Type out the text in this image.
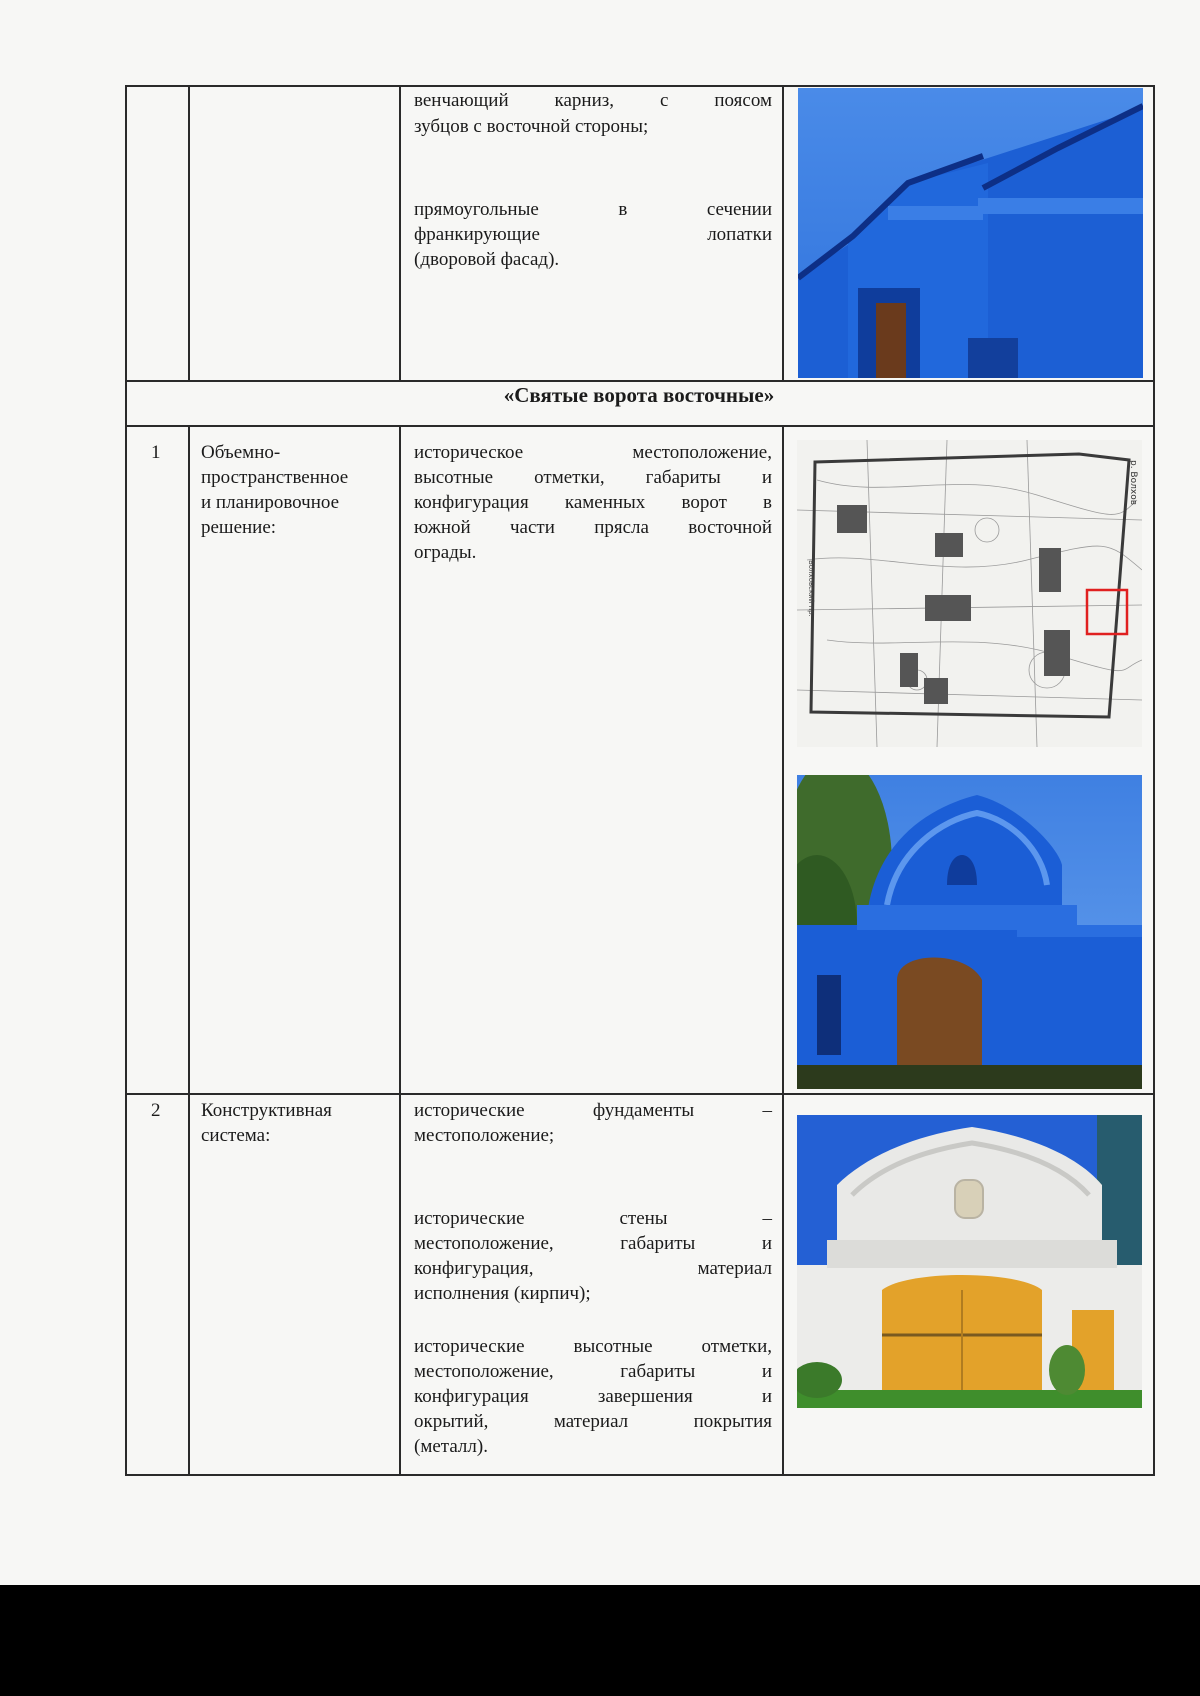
венчающий карниз, с поясом
зубцов с восточной стороны;
прямоугольные в сечении
франкирующие лопатки
(дворовой фасад).
«Святые ворота восточные»
1 Объемно-
пространственное
и планировочное
решение:
историческое местоположение,
высотные отметки, габариты и
конфигурация каменных ворот в
южной части прясла восточной
ограды.
р. Волхов
Волховский пр.
2 Конструктивная
система:
исторические фундаменты –
местоположение;
исторические стены –
местоположение, габариты и
конфигурация, материал
исполнения (кирпич);
исторические высотные отметки,
местоположение, габариты и
конфигурация завершения и
окрытий, материал покрытия
(металл).
